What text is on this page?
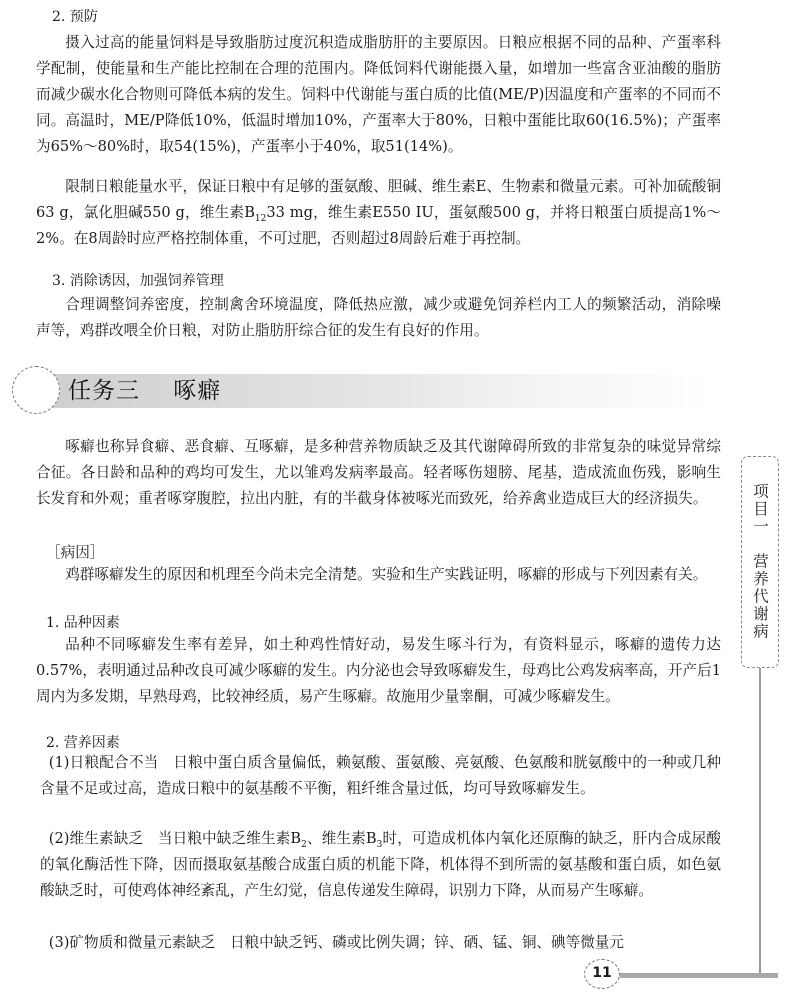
2. 预防

摄入过高的能量饲料是导致脂肪过度沉积造成脂肪肝的主要原因。日粮应根据不同的品种、产蛋率科学配制，使能量和生产能比控制在合理的范围内。降低饲料代谢能摄入量，如增加一些富含亚油酸的脂肪而减少碳水化合物则可降低本病的发生。饲料中代谢能与蛋白质的比值(ME/P)因温度和产蛋率的不同而不同。高温时，ME/P降低10%，低温时增加10%，产蛋率大于80%，日粮中蛋能比取60(16.5%)；产蛋率为65%～80%时，取54(15%)，产蛋率小于40%，取51(14%)。

限制日粮能量水平，保证日粮中有足够的蛋氨酸、胆碱、维生素E、生物素和微量元素。可补加硫酸铜63 g，氯化胆碱550 g，维生素$B_{12}33$ mg，维生素E550 IU，蛋氨酸500 g，并将日粮蛋白质提高1%～2%。在8周龄时应严格控制体重，不可过肥，否则超过8周龄后难于再控制。

3. 消除诱因，加强饲养管理

合理调整饲养密度，控制禽舍环境温度，降低热应激，减少或避免饲养栏内工人的频繁活动，消除噪声等，鸡群改喂全价日粮，对防止脂肪肝综合征的发生有良好的作用。

任务三    啄癖

啄癖也称异食癖、恶食癖、互啄癖，是多种营养物质缺乏及其代谢障碍所致的非常复杂的味觉异常综合征。各日龄和品种的鸡均可发生，尤以雏鸡发病率最高。轻者啄伤翅膀、尾基，造成流血伤残，影响生长发育和外观；重者啄穿腹腔，拉出内脏，有的半截身体被啄光而致死，给养禽业造成巨大的经济损失。

［病因］

鸡群啄癖发生的原因和机理至今尚未完全清楚。实验和生产实践证明，啄癖的形成与下列因素有关。

1. 品种因素

品种不同啄癖发生率有差异，如土种鸡性情好动，易发生啄斗行为，有资料显示，啄癖的遗传力达0.57%，表明通过品种改良可减少啄癖的发生。内分泌也会导致啄癖发生，母鸡比公鸡发病率高，开产后1周内为多发期，早熟母鸡，比较神经质，易产生啄癖。故施用少量睾酮，可减少啄癖发生。

2. 营养因素

(1)日粮配合不当　日粮中蛋白质含量偏低，赖氨酸、蛋氨酸、亮氨酸、色氨酸和胱氨酸中的一种或几种含量不足或过高，造成日粮中的氨基酸不平衡，粗纤维含量过低，均可导致啄癖发生。

(2)维生素缺乏　当日粮中缺乏维生素$B_2$、维生素$B_3$时，可造成机体内氧化还原酶的缺乏，肝内合成尿酸的氧化酶活性下降，因而摄取氨基酸合成蛋白质的机能下降，机体得不到所需的氨基酸和蛋白质，如色氨酸缺乏时，可使鸡体神经紊乱，产生幻觉，信息传递发生障碍，识别力下降，从而易产生啄癖。

(3)矿物质和微量元素缺乏　日粮中缺乏钙、磷或比例失调；锌、硒、锰、铜、碘等微量元

项目一　营养代谢病
11
